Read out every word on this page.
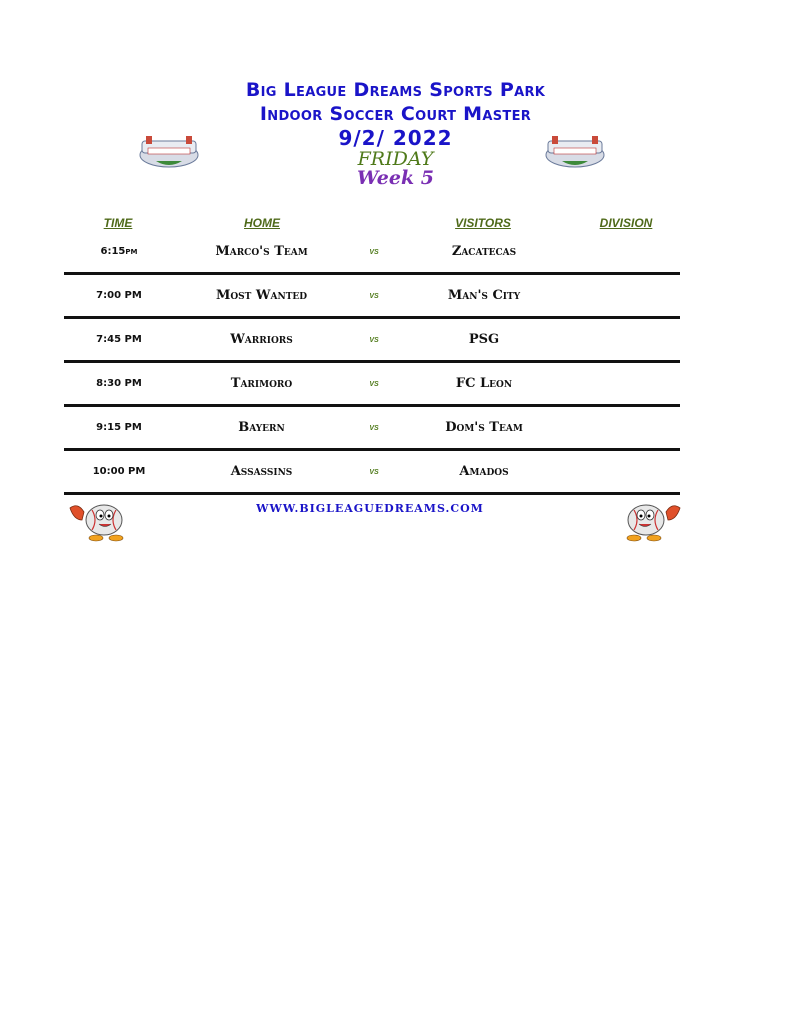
Big League Dreams Sports Park
Indoor Soccer Court Master
9/2/ 2022
FRIDAY
Week 5
TIME	HOME	VISITORS	DIVISION
6:15pm	Marco's Team	vs	Zacatecas
7:00 PM	Most Wanted	vs	Man's City
7:45 PM	Warriors	vs	PSG
8:30 PM	Tarimoro	vs	FC Leon
9:15 PM	Bayern	vs	Dom's Team
10:00 PM	Assassins	vs	Amados
WWW.BIGLEAGUEDREAMS.COM
